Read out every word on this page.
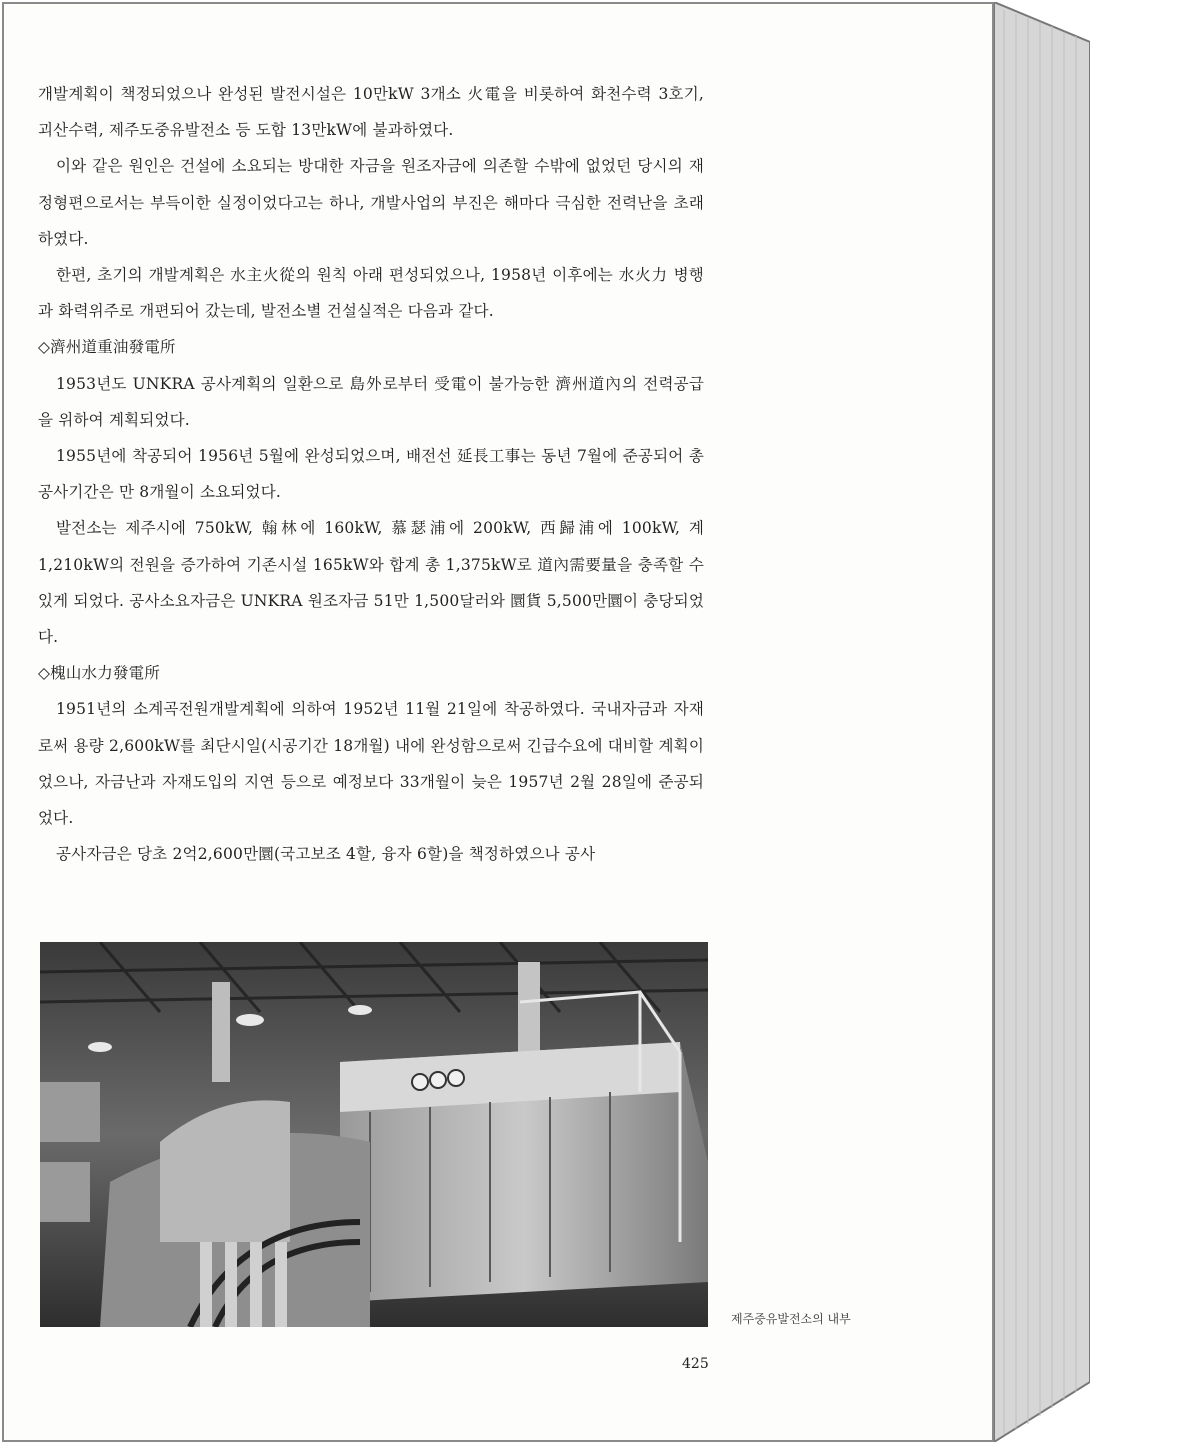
개발계획이 책정되었으나 완성된 발전시설은 10만kW 3개소 火電을 비롯하여 화천수력 3호기, 괴산수력, 제주도중유발전소 등 도합 13만kW에 불과하였다.

이와 같은 원인은 건설에 소요되는 방대한 자금을 원조자금에 의존할 수밖에 없었던 당시의 재정형편으로서는 부득이한 실정이었다고는 하나, 개발사업의 부진은 해마다 극심한 전력난을 초래하였다.

한편, 초기의 개발계획은 水主火從의 원칙 아래 편성되었으나, 1958년 이후에는 水火力 병행과 화력위주로 개편되어 갔는데, 발전소별 건설실적은 다음과 같다.

◇濟州道重油發電所

1953년도 UNKRA 공사계획의 일환으로 島外로부터 受電이 불가능한 濟州道內의 전력공급을 위하여 계획되었다.

1955년에 착공되어 1956년 5월에 완성되었으며, 배전선 延長工事는 동년 7월에 준공되어 총공사기간은 만 8개월이 소요되었다.

발전소는 제주시에 750kW, 翰林에 160kW, 慕瑟浦에 200kW, 西歸浦에 100kW, 계 1,210kW의 전원을 증가하여 기존시설 165kW와 합계 총 1,375kW로 道內需要量을 충족할 수 있게 되었다. 공사소요자금은 UNKRA 원조자금 51만 1,500달러와 圜貨 5,500만圜이 충당되었다.

◇槐山水力發電所

1951년의 소계곡전원개발계획에 의하여 1952년 11월 21일에 착공하였다. 국내자금과 자재로써 용량 2,600kW를 최단시일(시공기간 18개월) 내에 완성함으로써 긴급수요에 대비할 계획이었으나, 자금난과 자재도입의 지연 등으로 예정보다 33개월이 늦은 1957년 2월 28일에 준공되었다.

공사자금은 당초 2억2,600만圜(국고보조 4할, 융자 6할)을 책정하였으나 공사

제주중유발전소의 내부
425
